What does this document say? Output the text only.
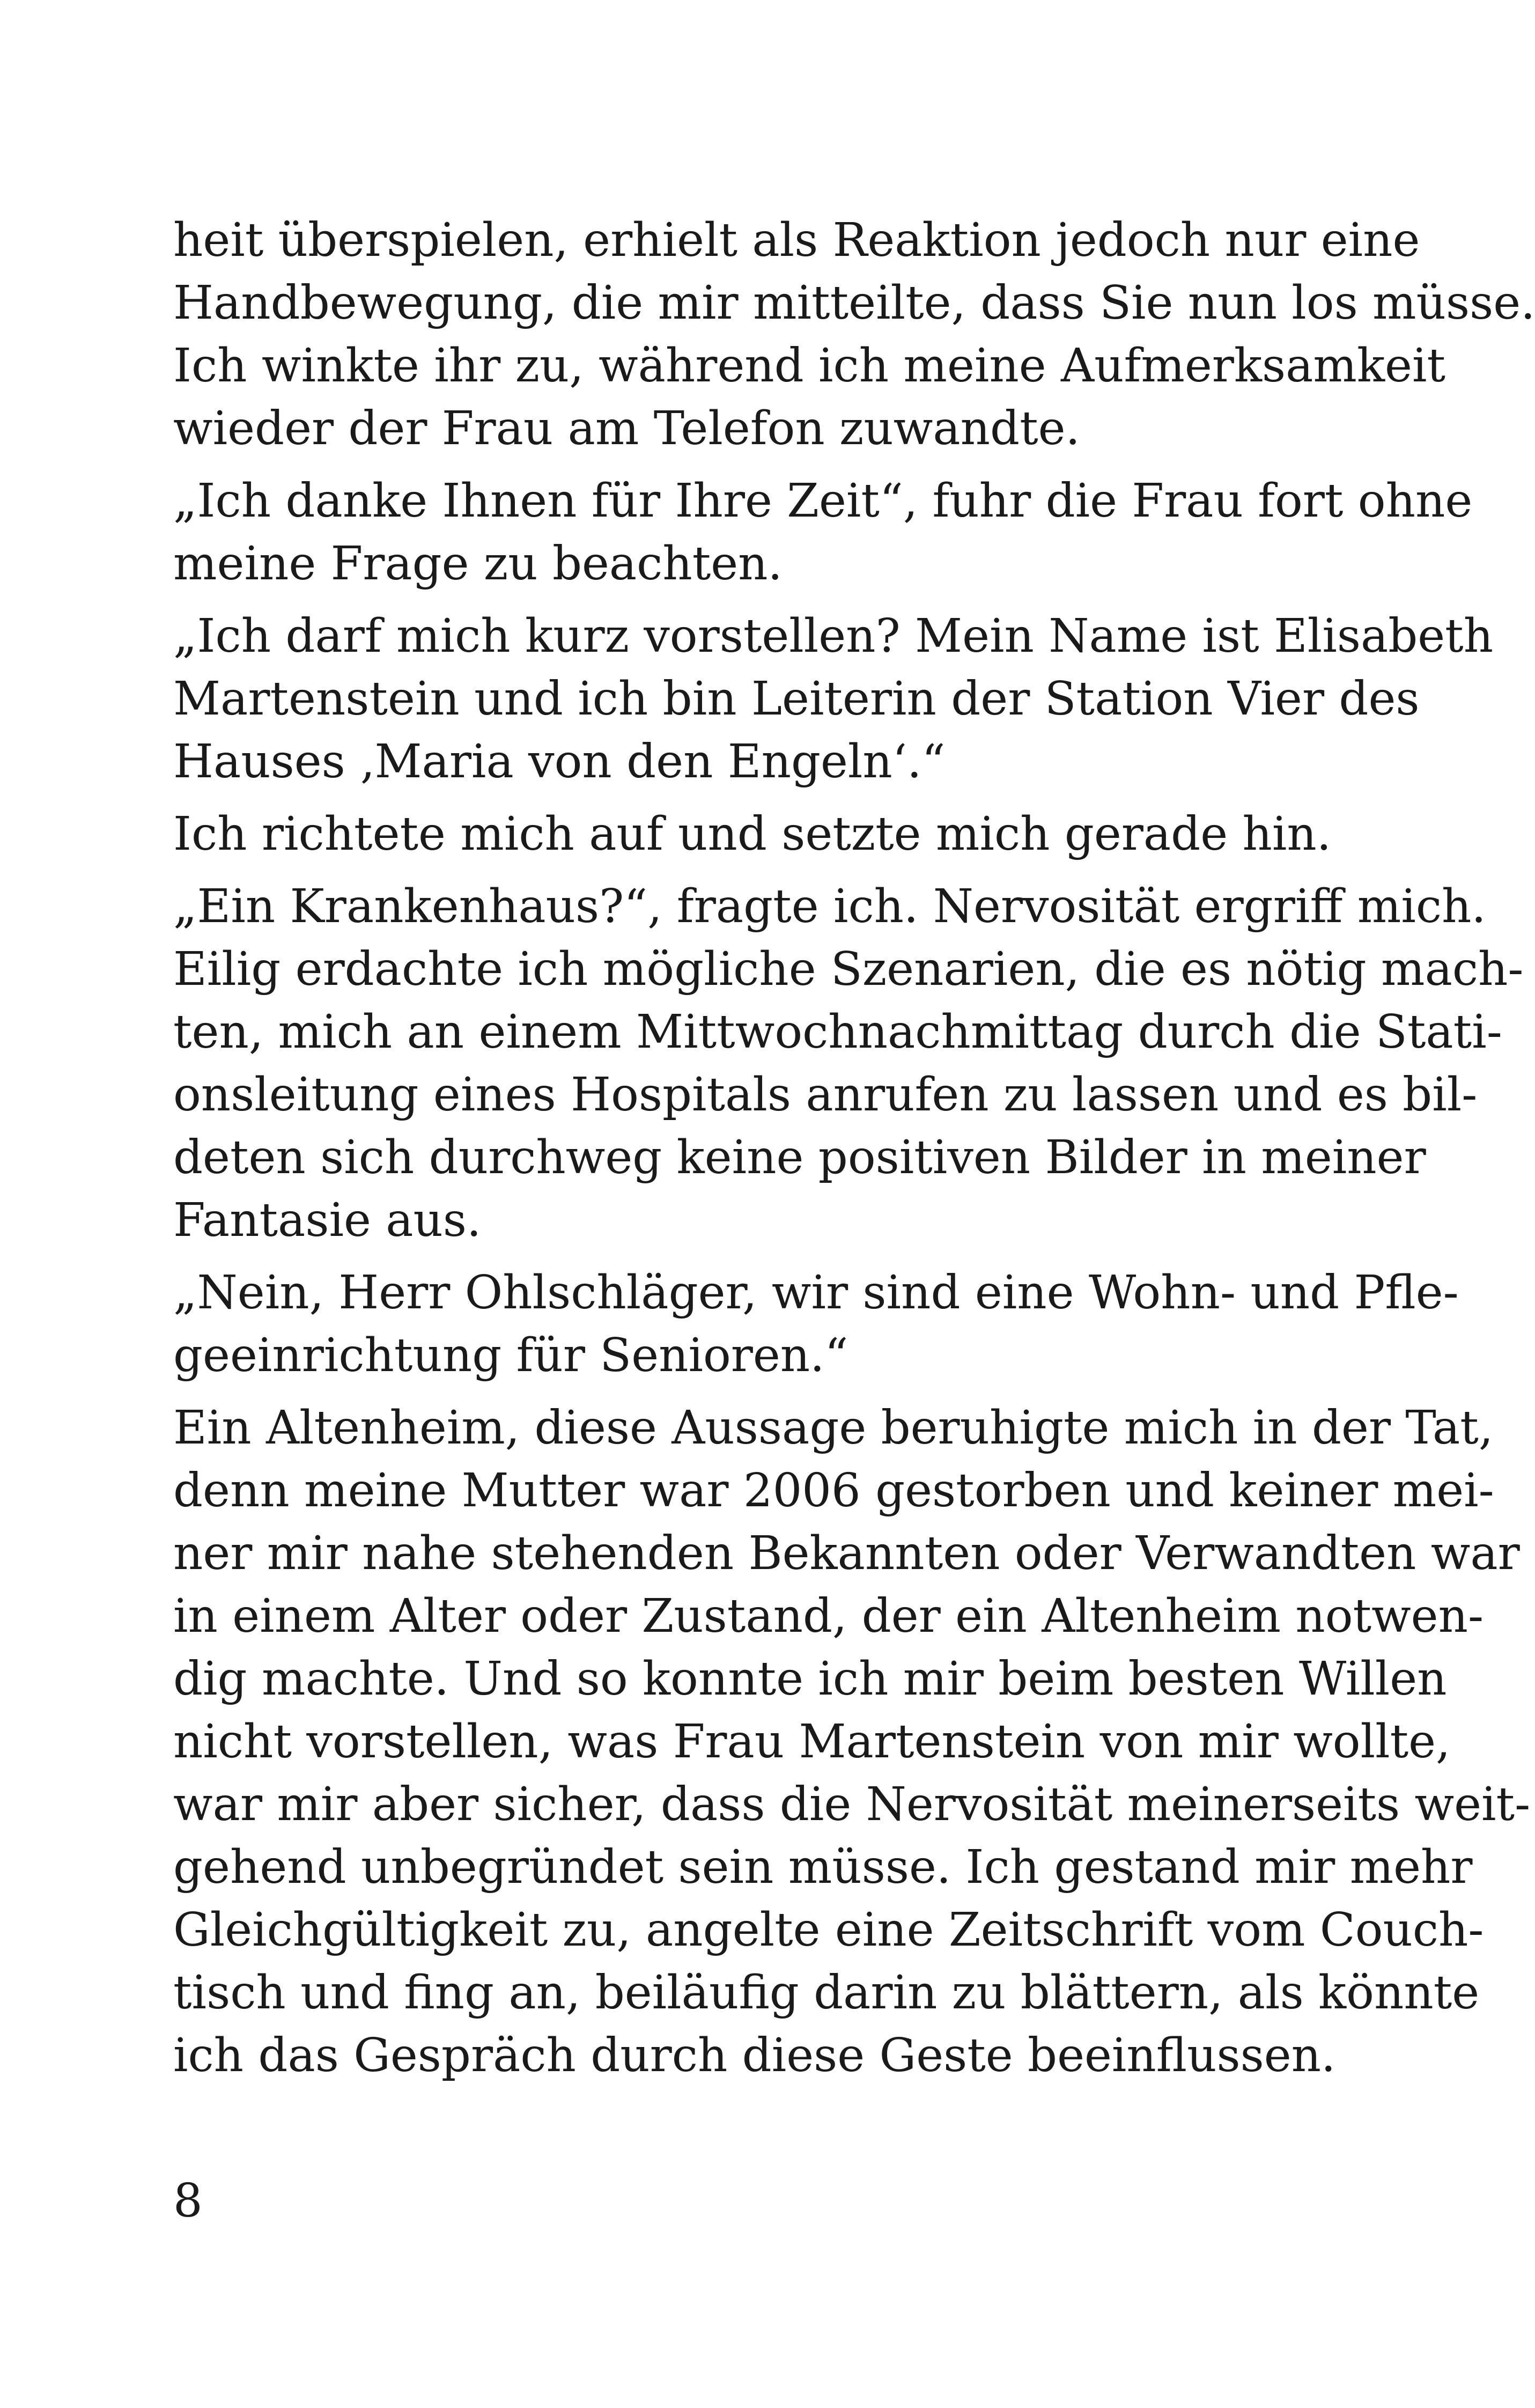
heit überspielen, erhielt als Reaktion jedoch nur eine
Handbewegung, die mir mitteilte, dass Sie nun los müsse.
Ich winkte ihr zu, während ich meine Aufmerksamkeit
wieder der Frau am Telefon zuwandte.

„Ich danke Ihnen für Ihre Zeit“, fuhr die Frau fort ohne
meine Frage zu beachten.

„Ich darf mich kurz vorstellen? Mein Name ist Elisabeth
Martenstein und ich bin Leiterin der Station Vier des
Hauses ‚Maria von den Engeln‘.“

Ich richtete mich auf und setzte mich gerade hin.

„Ein Krankenhaus?“, fragte ich. Nervosität ergriff mich.
Eilig erdachte ich mögliche Szenarien, die es nötig mach-
ten, mich an einem Mittwochnachmittag durch die Stati-
onsleitung eines Hospitals anrufen zu lassen und es bil-
deten sich durchweg keine positiven Bilder in meiner
Fantasie aus.

„Nein, Herr Ohlschläger, wir sind eine Wohn- und Pfle-
geeinrichtung für Senioren.“

Ein Altenheim, diese Aussage beruhigte mich in der Tat,
denn meine Mutter war 2006 gestorben und keiner mei-
ner mir nahe stehenden Bekannten oder Verwandten war
in einem Alter oder Zustand, der ein Altenheim notwen-
dig machte. Und so konnte ich mir beim besten Willen
nicht vorstellen, was Frau Martenstein von mir wollte,
war mir aber sicher, dass die Nervosität meinerseits weit-
gehend unbegründet sein müsse. Ich gestand mir mehr
Gleichgültigkeit zu, angelte eine Zeitschrift vom Couch-
tisch und fing an, beiläufig darin zu blättern, als könnte
ich das Gespräch durch diese Geste beeinflussen.

8
